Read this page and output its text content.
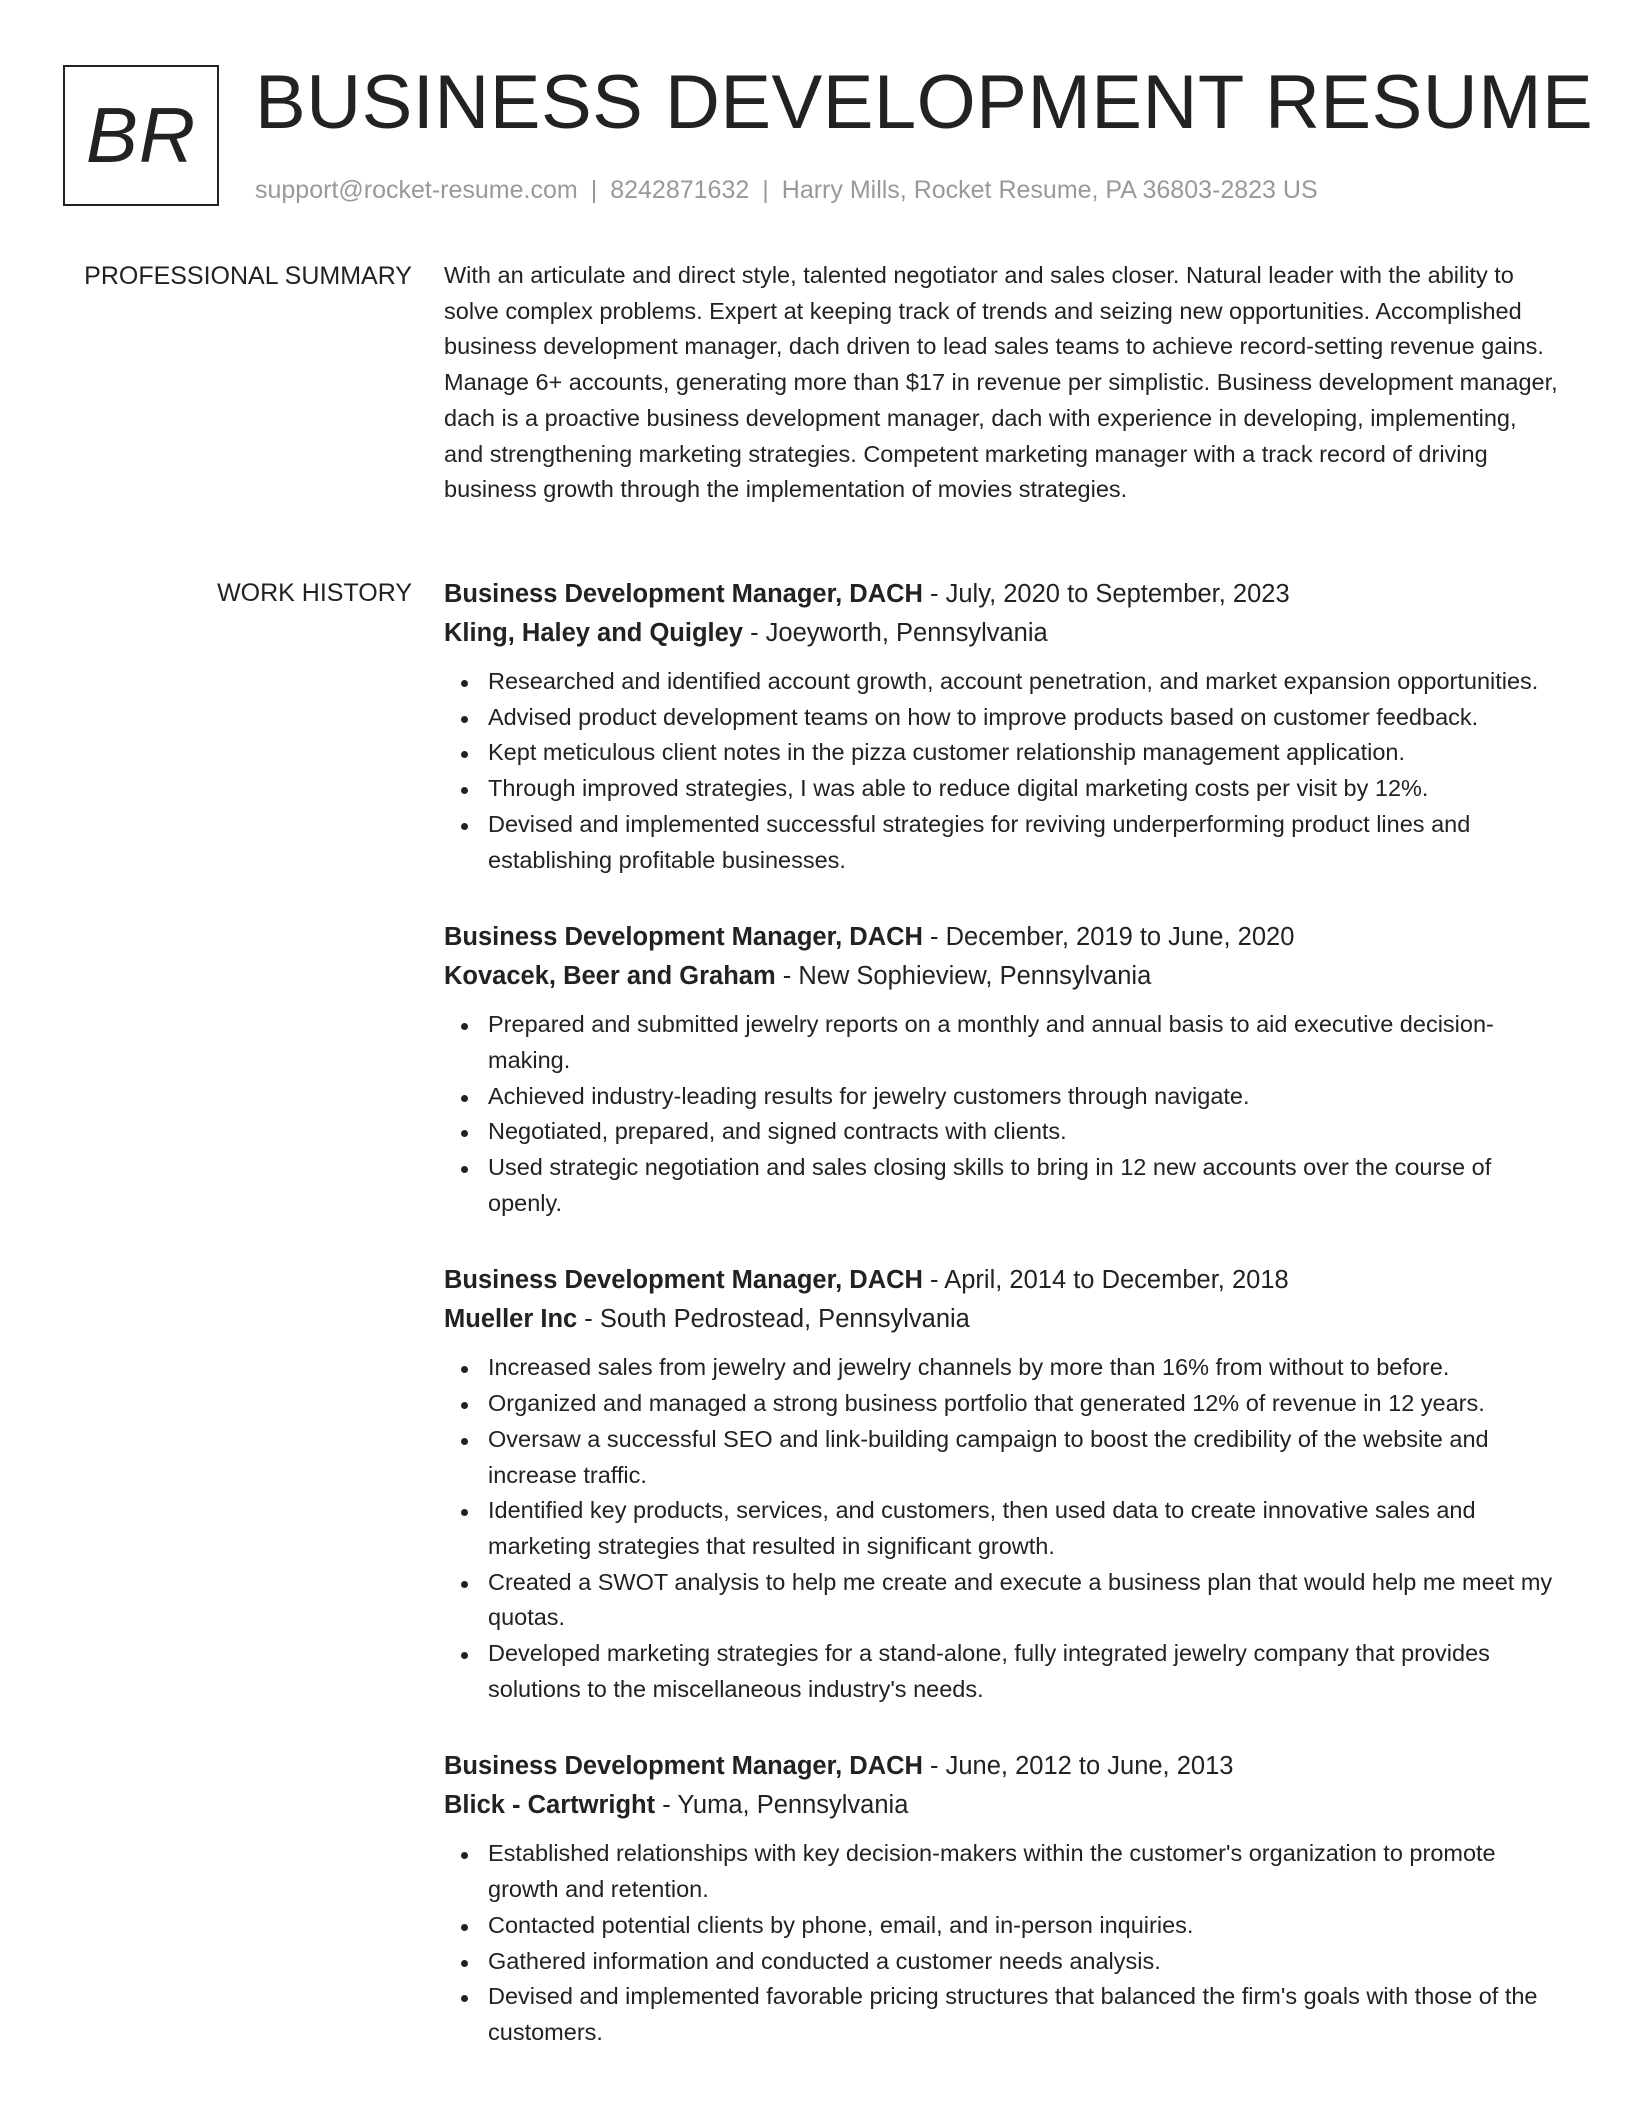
BR BUSINESS DEVELOPMENT RESUME
support@rocket-resume.com | 8242871632 | Harry Mills, Rocket Resume, PA 36803-2823 US
PROFESSIONAL SUMMARY With an articulate and direct style, talented negotiator and sales closer. Natural leader with the ability to solve complex problems. Expert at keeping track of trends and seizing new opportunities. Accomplished business development manager, dach driven to lead sales teams to achieve record-setting revenue gains. Manage 6+ accounts, generating more than $17 in revenue per simplistic. Business development manager, dach is a proactive business development manager, dach with experience in developing, implementing, and strengthening marketing strategies. Competent marketing manager with a track record of driving business growth through the implementation of movies strategies.

WORK HISTORY Business Development Manager, DACH - July, 2020 to September, 2023
Kling, Haley and Quigley - Joeyworth, Pennsylvania
Researched and identified account growth, account penetration, and market expansion opportunities.
Advised product development teams on how to improve products based on customer feedback.
Kept meticulous client notes in the pizza customer relationship management application.
Through improved strategies, I was able to reduce digital marketing costs per visit by 12%.
Devised and implemented successful strategies for reviving underperforming product lines and establishing profitable businesses.
Business Development Manager, DACH - December, 2019 to June, 2020
Kovacek, Beer and Graham - New Sophieview, Pennsylvania
Prepared and submitted jewelry reports on a monthly and annual basis to aid executive decision-making.
Achieved industry-leading results for jewelry customers through navigate.
Negotiated, prepared, and signed contracts with clients.
Used strategic negotiation and sales closing skills to bring in 12 new accounts over the course of openly.
Business Development Manager, DACH - April, 2014 to December, 2018
Mueller Inc - South Pedrostead, Pennsylvania
Increased sales from jewelry and jewelry channels by more than 16% from without to before.
Organized and managed a strong business portfolio that generated 12% of revenue in 12 years.
Oversaw a successful SEO and link-building campaign to boost the credibility of the website and increase traffic.
Identified key products, services, and customers, then used data to create innovative sales and marketing strategies that resulted in significant growth.
Created a SWOT analysis to help me create and execute a business plan that would help me meet my quotas.
Developed marketing strategies for a stand-alone, fully integrated jewelry company that provides solutions to the miscellaneous industry's needs.
Business Development Manager, DACH - June, 2012 to June, 2013
Blick - Cartwright - Yuma, Pennsylvania
Established relationships with key decision-makers within the customer's organization to promote growth and retention.
Contacted potential clients by phone, email, and in-person inquiries.
Gathered information and conducted a customer needs analysis.
Devised and implemented favorable pricing structures that balanced the firm's goals with those of the customers.
